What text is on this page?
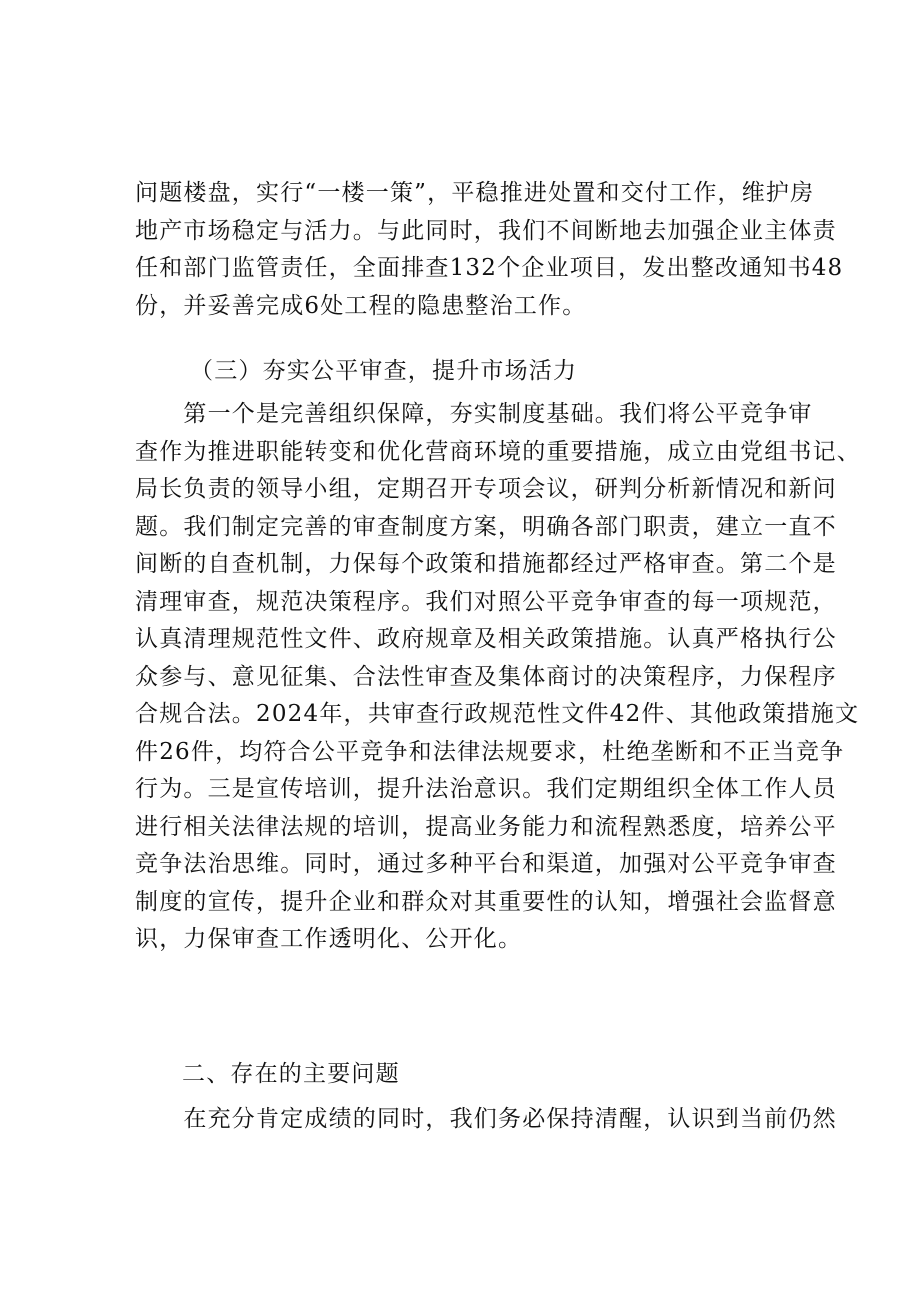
问题楼盘，实行“一楼一策”，平稳推进处置和交付工作，维护房
地产市场稳定与活力。与此同时，我们不间断地去加强企业主体责
任和部门监管责任，全面排查132个企业项目，发出整改通知书48
份，并妥善完成6处工程的隐患整治工作。
（三）夯实公平审查，提升市场活力
　　第一个是完善组织保障，夯实制度基础。我们将公平竞争审
查作为推进职能转变和优化营商环境的重要措施，成立由党组书记、
局长负责的领导小组，定期召开专项会议，研判分析新情况和新问
题。我们制定完善的审查制度方案，明确各部门职责，建立一直不
间断的自查机制，力保每个政策和措施都经过严格审查。第二个是
清理审查，规范决策程序。我们对照公平竞争审查的每一项规范，
认真清理规范性文件、政府规章及相关政策措施。认真严格执行公
众参与、意见征集、合法性审查及集体商讨的决策程序，力保程序
合规合法。2024年，共审查行政规范性文件42件、其他政策措施文
件26件，均符合公平竞争和法律法规要求，杜绝垄断和不正当竞争
行为。三是宣传培训，提升法治意识。我们定期组织全体工作人员
进行相关法律法规的培训，提高业务能力和流程熟悉度，培养公平
竞争法治思维。同时，通过多种平台和渠道，加强对公平竞争审查
制度的宣传，提升企业和群众对其重要性的认知，增强社会监督意
识，力保审查工作透明化、公开化。
二、存在的主要问题
　　在充分肯定成绩的同时，我们务必保持清醒，认识到当前仍然
